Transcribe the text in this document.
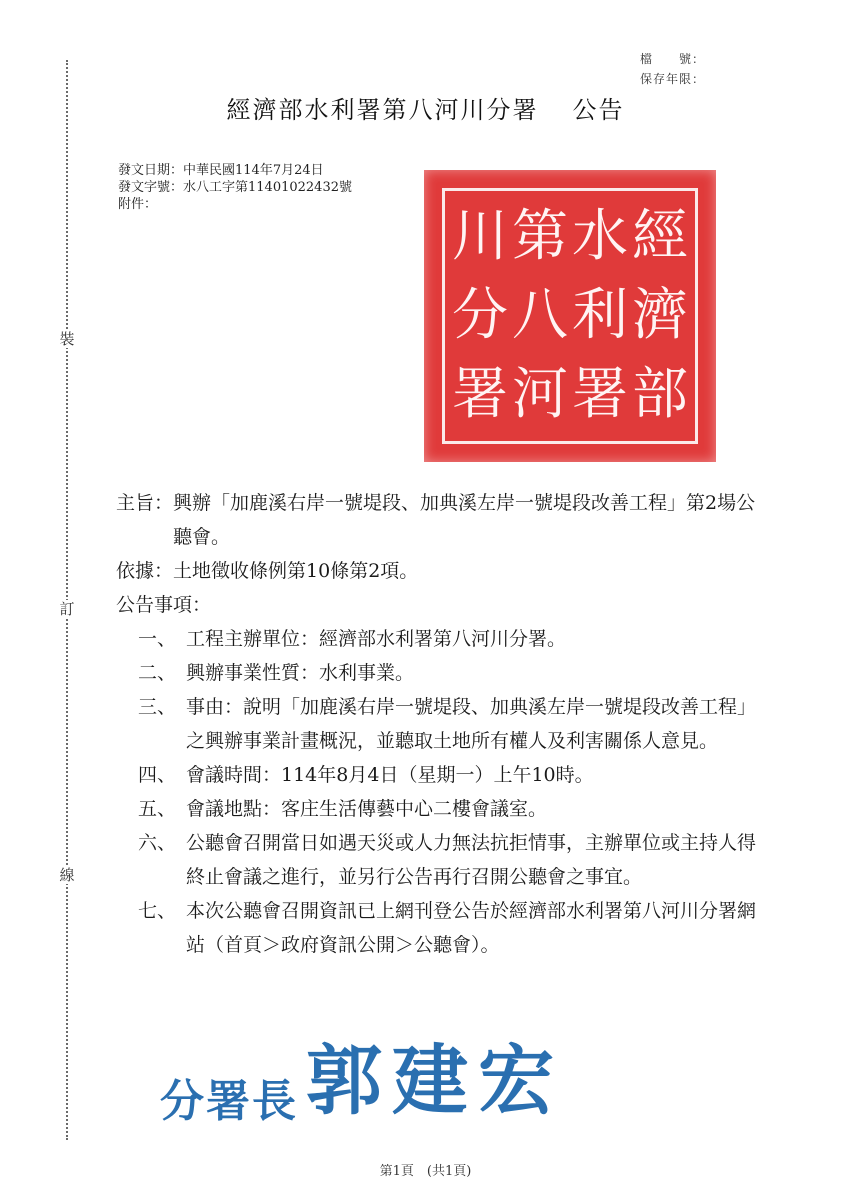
裝
訂
線
檔　　號：
保存年限：
經濟部水利署第八河川分署 公告
發文日期：中華民國114年7月24日
發文字號：水八工字第11401022432號
附件：	經
濟
部
水
利
署
第
八
河
川
分
署
主旨： 興辦「加鹿溪右岸一號堤段、加典溪左岸一號堤段改善工程」第2場公聽會。
依據： 土地徵收條例第10條第2項。
公告事項：
一、 工程主辦單位：經濟部水利署第八河川分署。
二、 興辦事業性質：水利事業。
三、 事由：說明「加鹿溪右岸一號堤段、加典溪左岸一號堤段改善工程」之興辦事業計畫概況，並聽取土地所有權人及利害關係人意見。
四、 會議時間：114年8月4日（星期一）上午10時。
五、 會議地點：客庄生活傳藝中心二樓會議室。
六、 公聽會召開當日如遇天災或人力無法抗拒情事，主辦單位或主持人得終止會議之進行，並另行公告再行召開公聽會之事宜。
七、 本次公聽會召開資訊已上網刊登公告於經濟部水利署第八河川分署網站（首頁＞政府資訊公開＞公聽會）。
分署長 郭建宏
第1頁　(共1頁)
